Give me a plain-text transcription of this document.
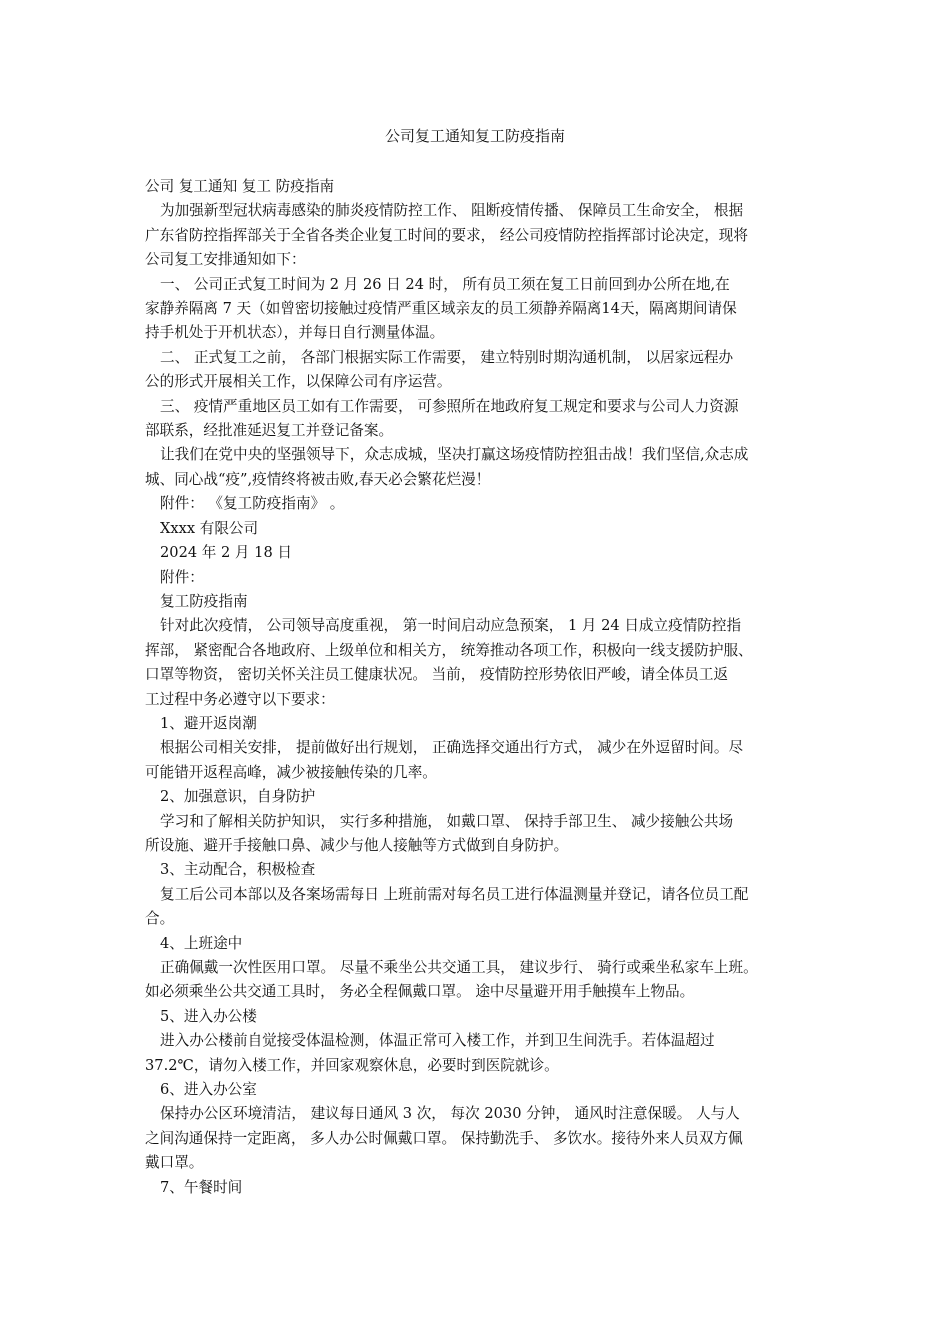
公司复工通知复工防疫指南
公司 复工通知 复工 防疫指南
为加强新型冠状病毒感染的肺炎疫情防控工作、 阻断疫情传播、 保障员工生命安全， 根据
广东省防控指挥部关于全省各类企业复工时间的要求， 经公司疫情防控指挥部讨论决定，现将
公司复工安排通知如下：
一、 公司正式复工时间为 2 月 26 日 24 时， 所有员工须在复工日前回到办公所在地,在
家静养隔离 7 天（如曾密切接触过疫情严重区域亲友的员工须静养隔离14天，隔离期间请保
持手机处于开机状态），并每日自行测量体温。
二、 正式复工之前， 各部门根据实际工作需要， 建立特别时期沟通机制， 以居家远程办
公的形式开展相关工作，以保障公司有序运营。
三、 疫情严重地区员工如有工作需要， 可参照所在地政府复工规定和要求与公司人力资源
部联系，经批准延迟复工并登记备案。
让我们在党中央的坚强领导下，众志成城，坚决打赢这场疫情防控狙击战！我们坚信,众志成
城、同心战“疫”,疫情终将被击败,春天必会繁花烂漫！
附件： 《复工防疫指南》 。
Xxxx 有限公司
2024 年 2 月 18 日
附件：
复工防疫指南
针对此次疫情， 公司领导高度重视， 第一时间启动应急预案， 1 月 24 日成立疫情防控指
挥部， 紧密配合各地政府、上级单位和相关方， 统筹推动各项工作，积极向一线支援防护服、
口罩等物资， 密切关怀关注员工健康状况。 当前， 疫情防控形势依旧严峻，请全体员工返
工过程中务必遵守以下要求：
1、避开返岗潮
根据公司相关安排， 提前做好出行规划， 正确选择交通出行方式， 减少在外逗留时间。尽
可能错开返程高峰，减少被接触传染的几率。
2、加强意识，自身防护
学习和了解相关防护知识， 实行多种措施， 如戴口罩、 保持手部卫生、 减少接触公共场
所设施、避开手接触口鼻、减少与他人接触等方式做到自身防护。
3、主动配合，积极检查
复工后公司本部以及各案场需每日 上班前需对每名员工进行体温测量并登记，请各位员工配
合。
4、上班途中
正确佩戴一次性医用口罩。 尽量不乘坐公共交通工具， 建议步行、 骑行或乘坐私家车上班。
如必须乘坐公共交通工具时， 务必全程佩戴口罩。 途中尽量避开用手触摸车上物品。
5、进入办公楼
进入办公楼前自觉接受体温检测，体温正常可入楼工作，并到卫生间洗手。若体温超过
37.2℃，请勿入楼工作，并回家观察休息，必要时到医院就诊。
6、进入办公室
保持办公区环境清洁， 建议每日通风 3 次， 每次 2030 分钟， 通风时注意保暖。 人与人
之间沟通保持一定距离， 多人办公时佩戴口罩。 保持勤洗手、 多饮水。接待外来人员双方佩
戴口罩。
7、午餐时间
